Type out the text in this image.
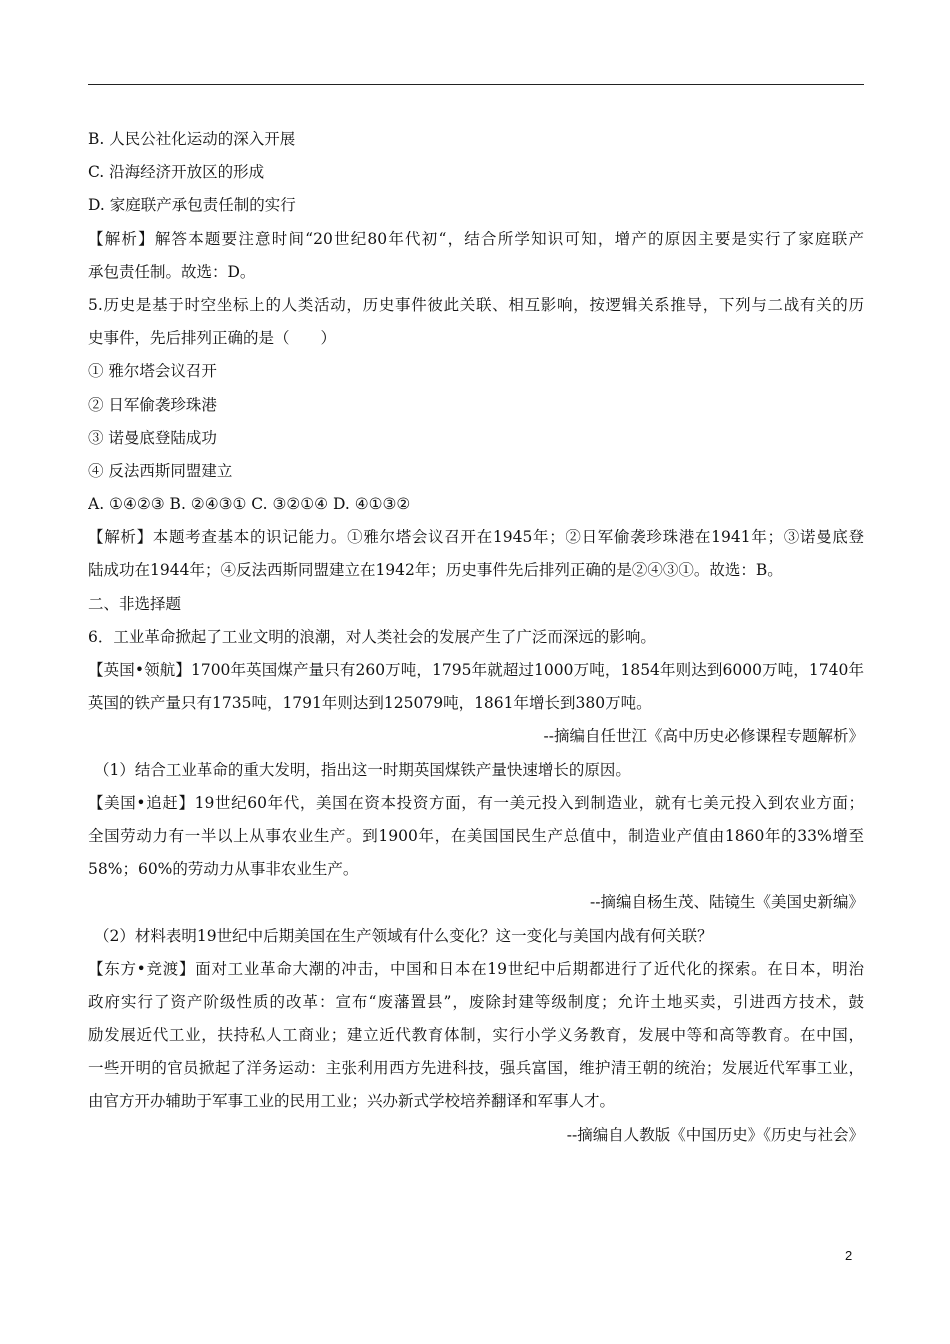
B. 人民公社化运动的深入开展
C. 沿海经济开放区的形成
D. 家庭联产承包责任制的实行
【解析】解答本题要注意时间“20世纪80年代初“，结合所学知识可知，增产的原因主要是实行了家庭联产
承包责任制。故选：D。
5.历史是基于时空坐标上的人类活动，历史事件彼此关联、相互影响，按逻辑关系推导，下列与二战有关的历
史事件，先后排列正确的是（　　）
① 雅尔塔会议召开
② 日军偷袭珍珠港
③ 诺曼底登陆成功
④ 反法西斯同盟建立
A. ①④②③ B. ②④③① C. ③②①④ D. ④①③②
【解析】本题考查基本的识记能力。①雅尔塔会议召开在1945年；②日军偷袭珍珠港在1941年；③诺曼底登
陆成功在1944年；④反法西斯同盟建立在1942年；历史事件先后排列正确的是②④③①。故选：B。
二、非选择题
6．工业革命掀起了工业文明的浪潮，对人类社会的发展产生了广泛而深远的影响。
【英国•领航】1700年英国煤产量只有260万吨，1795年就超过1000万吨，1854年则达到6000万吨，1740年
英国的铁产量只有1735吨，1791年则达到125079吨，1861年增长到380万吨。
--摘编自任世江《高中历史必修课程专题解析》
（1）结合工业革命的重大发明，指出这一时期英国煤铁产量快速增长的原因。
【美国•追赶】19世纪60年代，美国在资本投资方面，有一美元投入到制造业，就有七美元投入到农业方面；
全国劳动力有一半以上从事农业生产。到1900年，在美国国民生产总值中，制造业产值由1860年的33%增至
58%；60%的劳动力从事非农业生产。
--摘编自杨生茂、陆镜生《美国史新编》
（2）材料表明19世纪中后期美国在生产领域有什么变化？这一变化与美国内战有何关联？
【东方•竞渡】面对工业革命大潮的冲击，中国和日本在19世纪中后期都进行了近代化的探索。在日本，明治
政府实行了资产阶级性质的改革：宣布“废藩置县”，废除封建等级制度；允许土地买卖，引进西方技术，鼓
励发展近代工业，扶持私人工商业；建立近代教育体制，实行小学义务教育，发展中等和高等教育。在中国，
一些开明的官员掀起了洋务运动：主张利用西方先进科技，强兵富国，维护清王朝的统治；发展近代军事工业，
由官方开办辅助于军事工业的民用工业；兴办新式学校培养翻译和军事人才。
--摘编自人教版《中国历史》《历史与社会》
2
